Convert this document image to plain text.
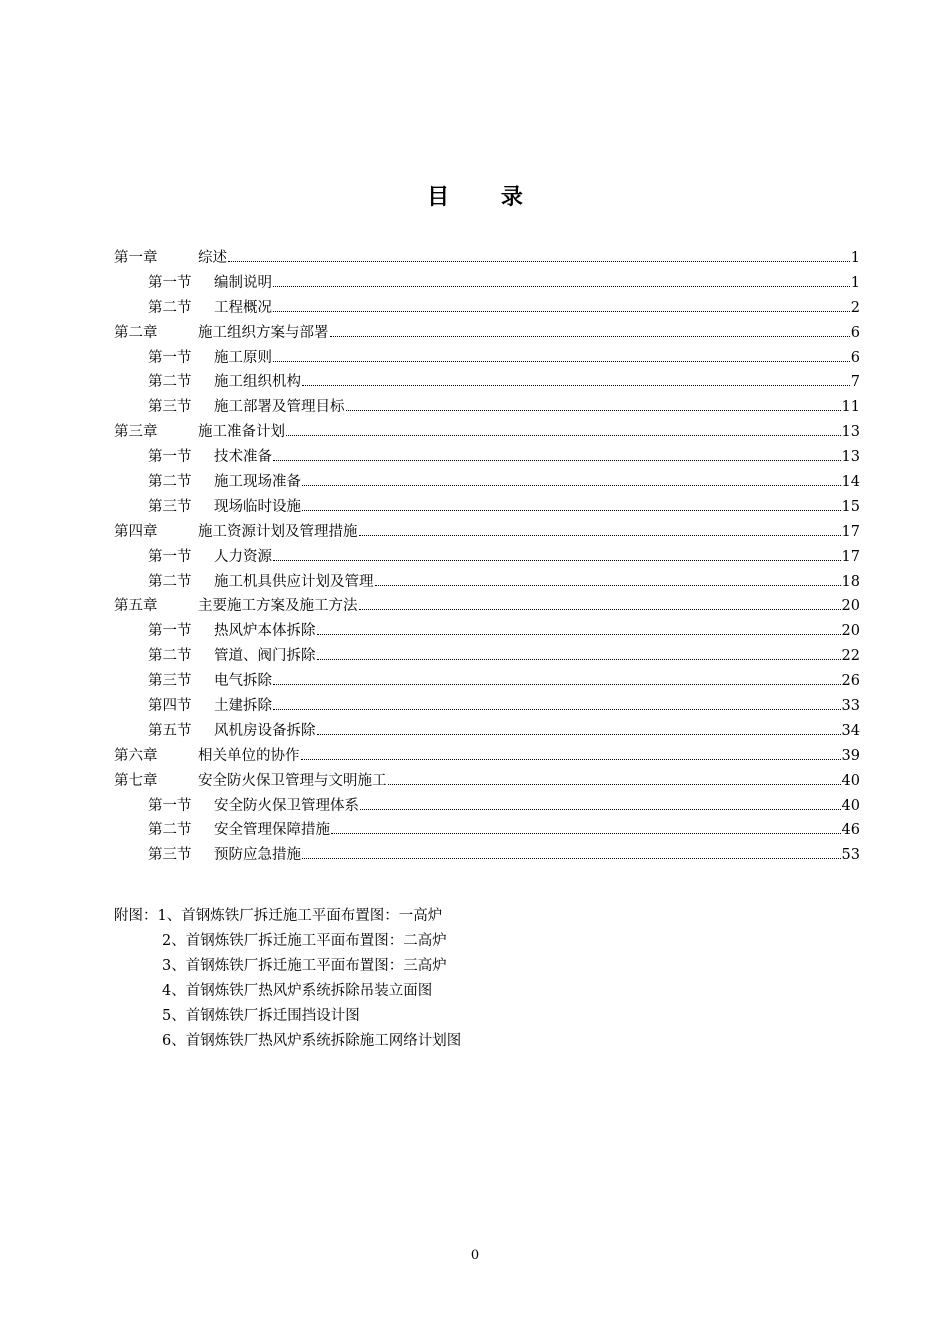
目 录
第一章	综述	1
第一节	编制说明	1
第二节	工程概况	2
第二章	施工组织方案与部署	6
第一节	施工原则	6
第二节	施工组织机构	7
第三节	施工部署及管理目标	11
第三章	施工准备计划	13
第一节	技术准备	13
第二节	施工现场准备	14
第三节	现场临时设施	15
第四章	施工资源计划及管理措施	17
第一节	人力资源	17
第二节	施工机具供应计划及管理	18
第五章	主要施工方案及施工方法	20
第一节	热风炉本体拆除	20
第二节	管道、阀门拆除	22
第三节	电气拆除	26
第四节	土建拆除	33
第五节	风机房设备拆除	34
第六章	相关单位的协作	39
第七章	安全防火保卫管理与文明施工	40
第一节	安全防火保卫管理体系	40
第二节	安全管理保障措施	46
第三节	预防应急措施	53
附图：1、首钢炼铁厂拆迁施工平面布置图：一高炉
2、首钢炼铁厂拆迁施工平面布置图：二高炉
3、首钢炼铁厂拆迁施工平面布置图：三高炉
4、首钢炼铁厂热风炉系统拆除吊装立面图
5、首钢炼铁厂拆迁围挡设计图
6、首钢炼铁厂热风炉系统拆除施工网络计划图
0
